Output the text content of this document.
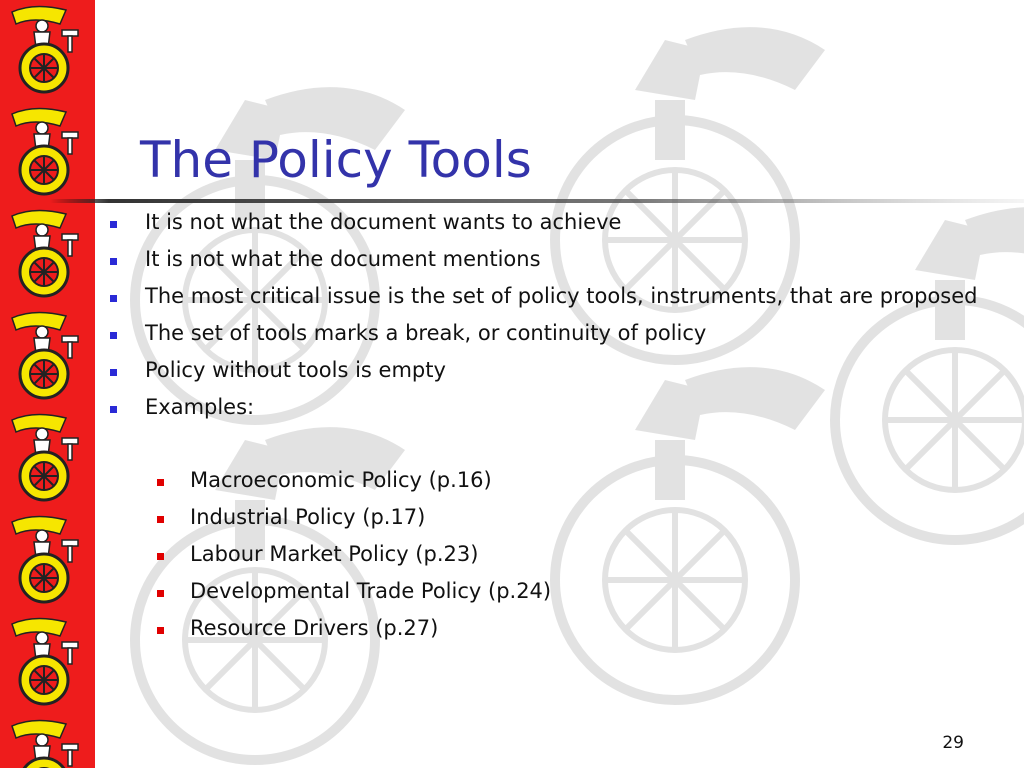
The Policy Tools
It is not what the document wants to achieve
It is not what the document mentions
The most critical issue is the set of policy tools, instruments, that are proposed
The set of tools marks a break, or continuity of policy
Policy without tools is empty
Examples:
Macroeconomic Policy (p.16)
Industrial Policy (p.17)
Labour Market Policy (p.23)
Developmental Trade Policy (p.24)
Resource Drivers (p.27)
29
